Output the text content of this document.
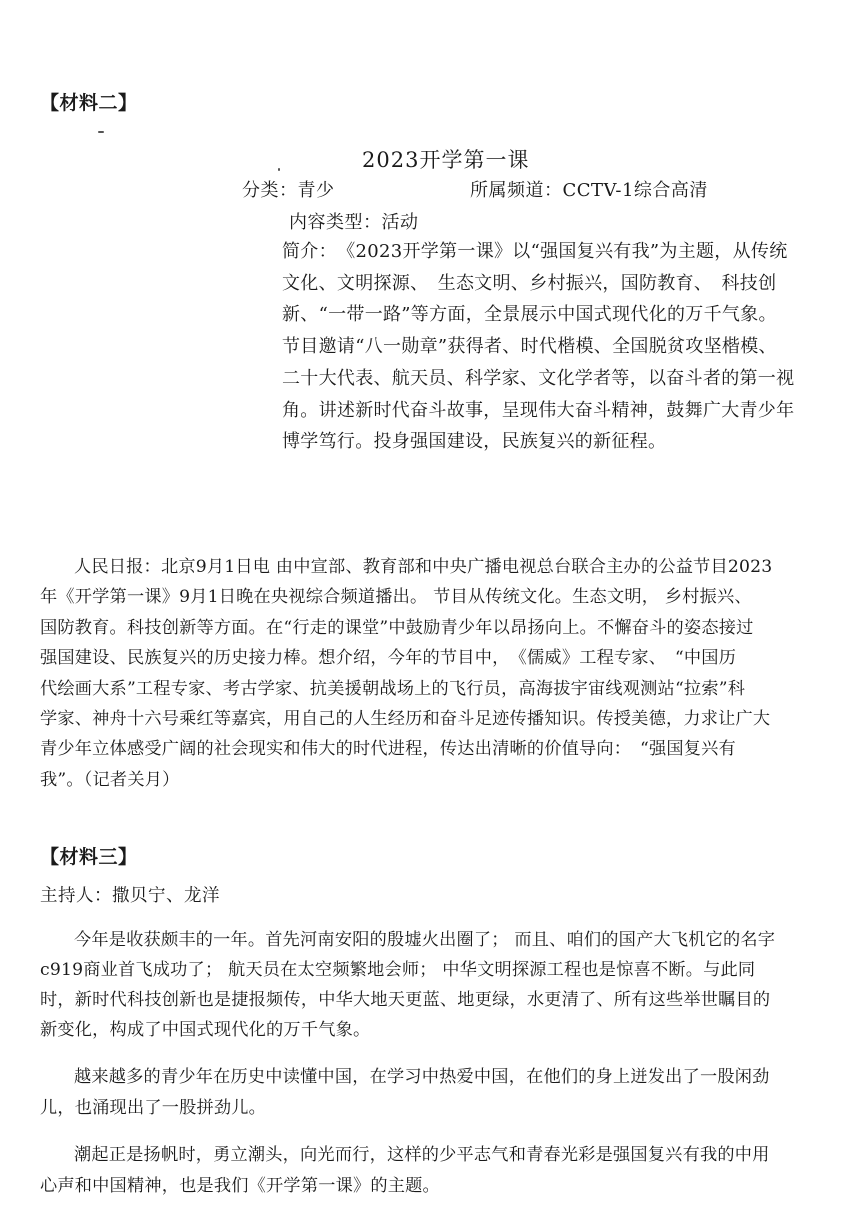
【材料二】
2023开学第一课
分类：青少	所属频道：CCTV-1综合高清
内容类型：活动
简介：　《2023开学第一课》以“强国复兴有我”为主题，从传统
文化、文明探源、　生态文明、乡村振兴，国防教育、　科技创
新、“一带一路”等方面，全景展示中国式现代化的万千气象。
节目邀请“八一勋章”获得者、时代楷模、全国脱贫攻坚楷模、
二十大代表、航天员、科学家、文化学者等，以奋斗者的第一视
角。讲述新时代奋斗故事，呈现伟大奋斗精神，鼓舞广大青少年
博学笃行。投身强国建设，民族复兴的新征程。
人民日报：北京9月1日电 由中宣部、教育部和中央广播电视总台联合主办的公益节目2023
年《开学第一课》9月1日晚在央视综合频道播出。 节目从传统文化。生态文明， 乡村振兴、
国防教育。科技创新等方面。在“行走的课堂”中鼓励青少年以昂扬向上。不懈奋斗的姿态接过
强国建设、民族复兴的历史接力棒。想介绍，今年的节目中，　《儒威》工程专家、　“中国历
代绘画大系”工程专家、考古学家、抗美援朝战场上的飞行员，高海拔宇宙线观测站“拉索”科
学家、神舟十六号乘红等嘉宾，用自己的人生经历和奋斗足迹传播知识。传授美德，力求让广大
青少年立体感受广阔的社会现实和伟大的时代进程，传达出清晰的价值导向：　“强国复兴有
我”。（记者关月）
【材料三】
主持人：撒贝宁、龙洋
今年是收获颇丰的一年。首先河南安阳的殷墟火出圈了； 而且、咱们的国产大飞机它的名字
c919商业首飞成功了； 航天员在太空频繁地会师； 中华文明探源工程也是惊喜不断。与此同
时，新时代科技创新也是捷报频传，中华大地天更蓝、地更绿，水更清了、所有这些举世瞩目的
新变化，构成了中国式现代化的万千气象。
越来越多的青少年在历史中读懂中国，在学习中热爱中国，在他们的身上迸发出了一股闲劲
儿，也涌现出了一股拼劲儿。
潮起正是扬帆时，勇立潮头，向光而行，这样的少平志气和青春光彩是强国复兴有我的中用
心声和中国精神，也是我们《开学第一课》的主题。
